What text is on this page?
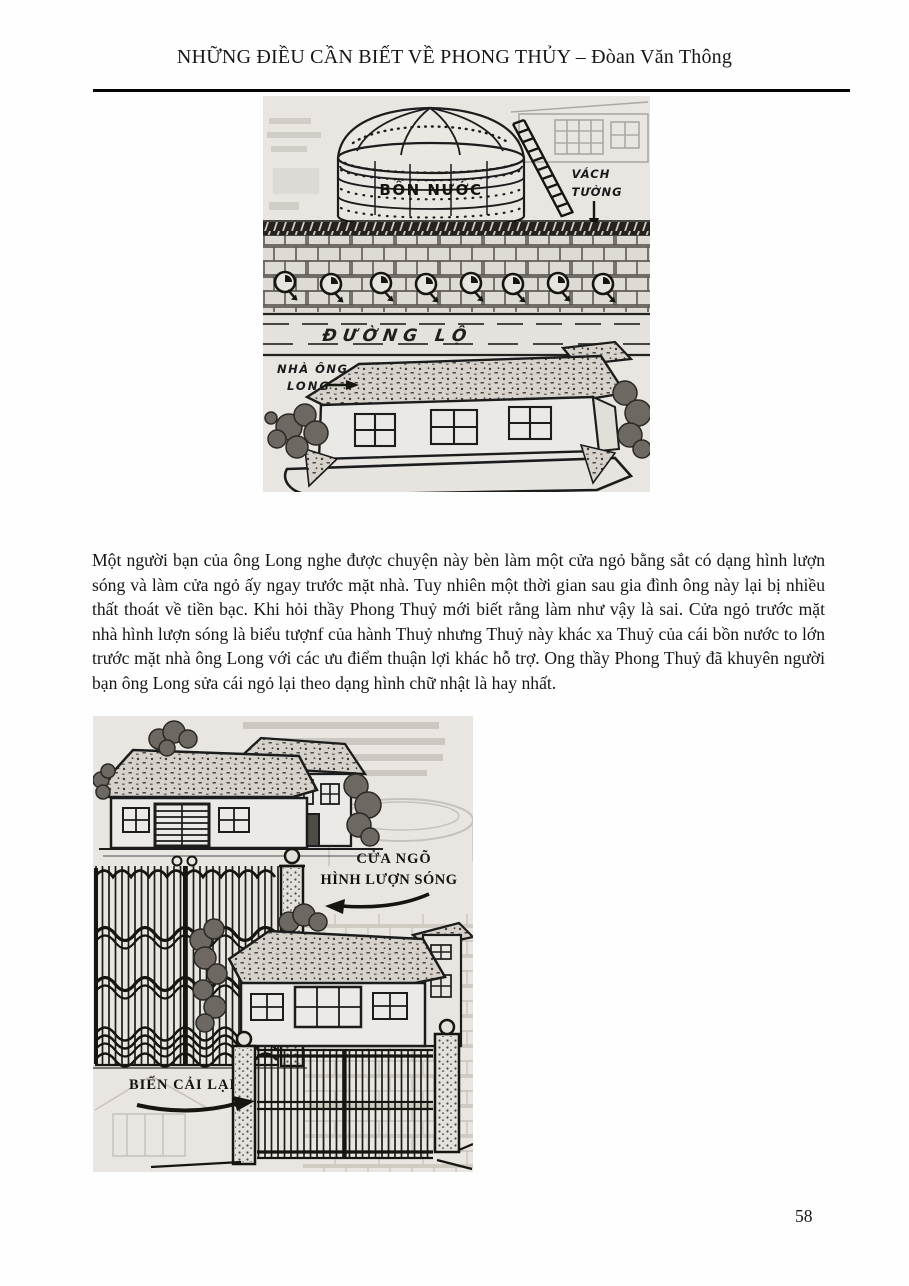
NHỮNG ĐIỀU CẦN BIẾT VỀ PHONG THỦY – Đòan Văn Thông
BỒN NƯỚC
VÁCH
TƯỜNG
ĐƯỜNG LỘ
NHÀ ÔNG
LONG
Một người bạn của ông Long nghe được chuyện này bèn làm một cửa ngỏ bằng sắt có dạng hình lượn sóng và làm cửa ngỏ ấy ngay trước mặt nhà. Tuy nhiên một thời gian sau gia đình ông này lại bị nhiều thất thoát về tiền bạc. Khi hỏi thầy Phong Thuỷ mới biết rằng làm như vậy là sai. Cửa ngỏ trước mặt nhà hình lượn sóng là biểu tượnf của hành Thuỷ nhưng Thuỷ này khác xa Thuỷ của cái bồn nước to lớn trước mặt nhà ông Long với các ưu điểm thuận lợi khác hỗ trợ. Ong thầy Phong Thuỷ đã khuyên người bạn ông Long sửa cái ngỏ lại theo dạng hình chữ nhật là hay nhất.
CỬA NGÕ
HÌNH LƯỢN SÓNG
BIẾN CẢI LẠI
58
